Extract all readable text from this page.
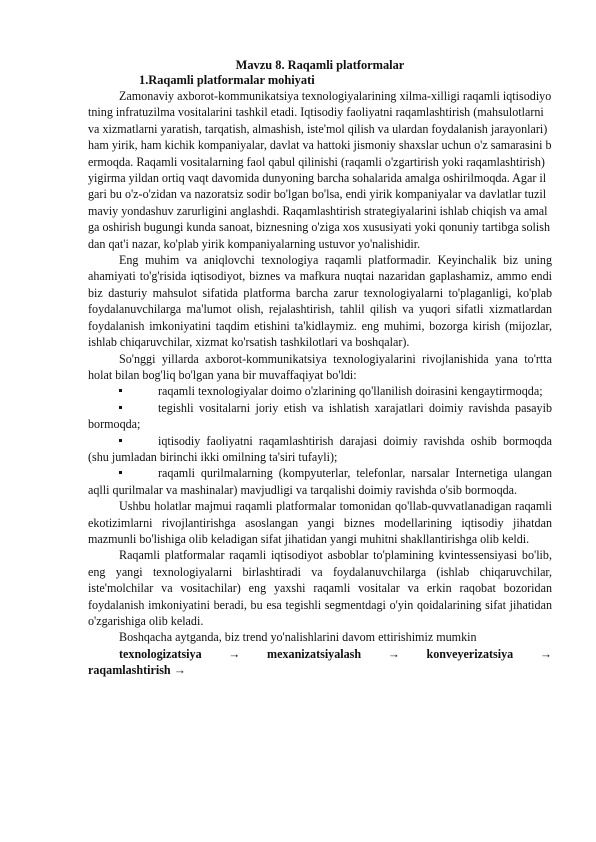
Mavzu 8. Raqamli platformalar
1.Raqamli platformalar mohiyati

Zamonaviy axborot-kommunikatsiya texnologiyalarining xilma-xilligi raqamli iqtisodiyotning infratuzilma vositalarini tashkil etadi. Iqtisodiy faoliyatni raqamlashtirish (mahsulotlarni va xizmatlarni yaratish, tarqatish, almashish, iste'mol qilish va ulardan foydalanish jarayonlari) ham yirik, ham kichik kompaniyalar, davlat va hattoki jismoniy shaxslar uchun o'z samarasini bermoqda. Raqamli vositalarning faol qabul qilinishi (raqamli o'zgartirish yoki raqamlashtirish) yigirma yildan ortiq vaqt davomida dunyoning barcha sohalarida amalga oshirilmoqda. Agar ilgari bu o'z-o'zidan va nazoratsiz sodir bo'lgan bo'lsa, endi yirik kompaniyalar va davlatlar tuzilmaviy yondashuv zarurligini anglashdi. Raqamlashtirish strategiyalarini ishlab chiqish va amalga oshirish bugungi kunda sanoat, biznesning o'ziga xos xususiyati yoki qonuniy tartibga solishdan qat'i nazar, ko'plab yirik kompaniyalarning ustuvor yo'nalishidir.

Eng muhim va aniqlovchi texnologiya raqamli platformadir. Keyinchalik biz uning ahamiyati to'g'risida iqtisodiyot, biznes va mafkura nuqtai nazaridan gaplashamiz, ammo endi biz dasturiy mahsulot sifatida platforma barcha zarur texnologiyalarni to'plaganligi, ko'plab foydalanuvchilarga ma'lumot olish, rejalashtirish, tahlil qilish va yuqori sifatli xizmatlardan foydalanish imkoniyatini taqdim etishini ta'kidlaymiz. eng muhimi, bozorga kirish (mijozlar, ishlab chiqaruvchilar, xizmat ko'rsatish tashkilotlari va boshqalar).

So'nggi yillarda axborot-kommunikatsiya texnologiyalarini rivojlanishida yana to'rtta holat bilan bog'liq bo'lgan yana bir muvaffaqiyat bo'ldi:

raqamli texnologiyalar doimo o'zlarining qo'llanilish doirasini kengaytirmoqda;

tegishli vositalarni joriy etish va ishlatish xarajatlari doimiy ravishda pasayib bormoqda;

iqtisodiy faoliyatni raqamlashtirish darajasi doimiy ravishda oshib bormoqda (shu jumladan birinchi ikki omilning ta'siri tufayli);

raqamli qurilmalarning (kompyuterlar, telefonlar, narsalar Internetiga ulangan aqlli qurilmalar va mashinalar) mavjudligi va tarqalishi doimiy ravishda o'sib bormoqda.

Ushbu holatlar majmui raqamli platformalar tomonidan qo'llab-quvvatlanadigan raqamli ekotizimlarni rivojlantirishga asoslangan yangi biznes modellarining iqtisodiy jihatdan mazmunli bo'lishiga olib keladigan sifat jihatidan yangi muhitni shakllantirishga olib keldi.

Raqamli platformalar raqamli iqtisodiyot asboblar to'plamining kvintessensiyasi bo'lib, eng yangi texnologiyalarni birlashtiradi va foydalanuvchilarga (ishlab chiqaruvchilar, iste'molchilar va vositachilar) eng yaxshi raqamli vositalar va erkin raqobat bozoridan foydalanish imkoniyatini beradi, bu esa tegishli segmentdagi o'yin qoidalarining sifat jihatidan o'zgarishiga olib keladi.

Boshqacha aytganda, biz trend yo'nalishlarini davom ettirishimiz mumkin

texnologizatsiya → mexanizatsiyalash → konveyerizatsiya →
raqamlashtirish →
